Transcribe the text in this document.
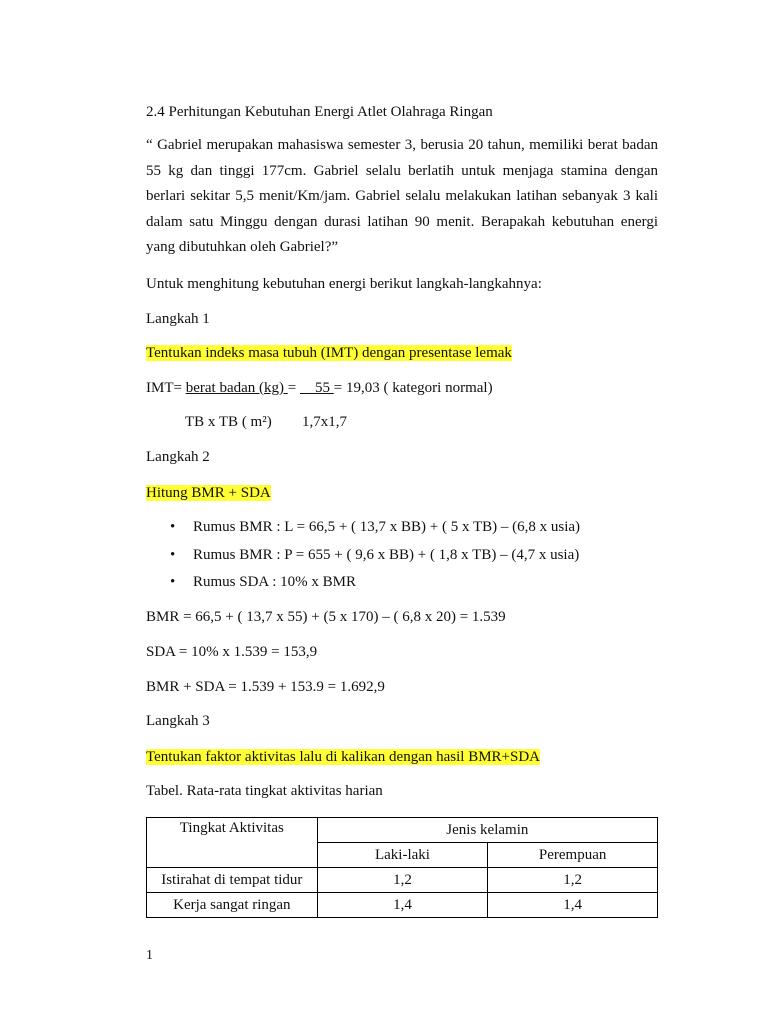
2.4 Perhitungan Kebutuhan Energi Atlet Olahraga Ringan
“ Gabriel merupakan mahasiswa semester 3, berusia 20 tahun, memiliki berat badan 55 kg dan tinggi 177cm. Gabriel selalu berlatih untuk menjaga stamina dengan berlari sekitar 5,5 menit/Km/jam. Gabriel selalu melakukan latihan sebanyak 3 kali dalam satu Minggu dengan durasi latihan 90 menit. Berapakah kebutuhan energi yang dibutuhkan oleh Gabriel?”
Untuk menghitung kebutuhan energi berikut langkah-langkahnya:
Langkah 1
Tentukan indeks masa tubuh (IMT) dengan presentase lemak
IMT= berat badan (kg) =     55 = 19,03 ( kategori normal)
TB x TB ( m²) 1,7x1,7
Langkah 2
Hitung BMR + SDA
• Rumus BMR : L = 66,5 + ( 13,7 x BB) + ( 5 x TB) – (6,8 x usia)
• Rumus BMR : P = 655 + ( 9,6 x BB) + ( 1,8 x TB) – (4,7 x usia)
• Rumus SDA : 10% x BMR
BMR = 66,5 + ( 13,7 x 55) + (5 x 170) – ( 6,8 x 20) = 1.539
SDA = 10% x 1.539 = 153,9
BMR + SDA = 1.539 + 153.9 = 1.692,9
Langkah 3
Tentukan faktor aktivitas lalu di kalikan dengan hasil BMR+SDA
Tabel. Rata-rata tingkat aktivitas harian
Tingkat Aktivitas	Jenis kelamin	
	Laki-laki	Perempuan
Istirahat di tempat tidur	1,2	1,2
Kerja sangat ringan	1,4	1,4
1
